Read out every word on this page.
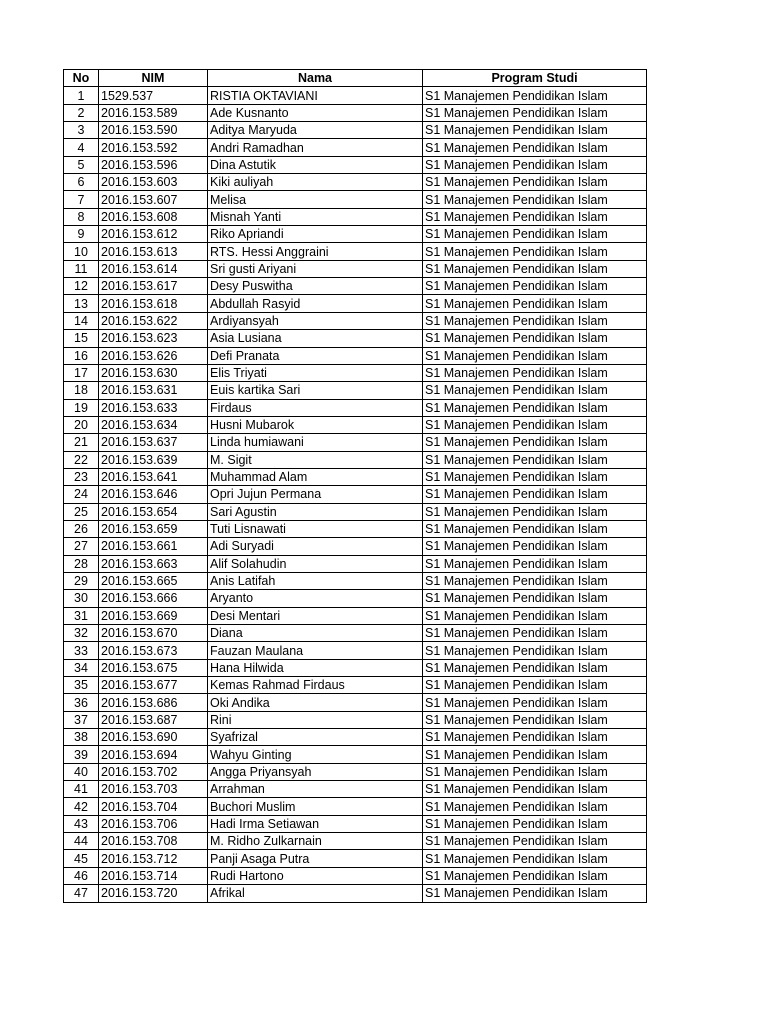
No	NIM	Nama	Program Studi
1	1529.537	RISTIA OKTAVIANI	S1 Manajemen Pendidikan Islam
2	2016.153.589	Ade Kusnanto	S1 Manajemen Pendidikan Islam
3	2016.153.590	Aditya Maryuda	S1 Manajemen Pendidikan Islam
4	2016.153.592	Andri Ramadhan	S1 Manajemen Pendidikan Islam
5	2016.153.596	Dina Astutik	S1 Manajemen Pendidikan Islam
6	2016.153.603	Kiki auliyah	S1 Manajemen Pendidikan Islam
7	2016.153.607	Melisa	S1 Manajemen Pendidikan Islam
8	2016.153.608	Misnah Yanti	S1 Manajemen Pendidikan Islam
9	2016.153.612	Riko Apriandi	S1 Manajemen Pendidikan Islam
10	2016.153.613	RTS. Hessi Anggraini	S1 Manajemen Pendidikan Islam
11	2016.153.614	Sri gusti Ariyani	S1 Manajemen Pendidikan Islam
12	2016.153.617	Desy Puswitha	S1 Manajemen Pendidikan Islam
13	2016.153.618	Abdullah Rasyid	S1 Manajemen Pendidikan Islam
14	2016.153.622	Ardiyansyah	S1 Manajemen Pendidikan Islam
15	2016.153.623	Asia Lusiana	S1 Manajemen Pendidikan Islam
16	2016.153.626	Defi Pranata	S1 Manajemen Pendidikan Islam
17	2016.153.630	Elis Triyati	S1 Manajemen Pendidikan Islam
18	2016.153.631	Euis kartika Sari	S1 Manajemen Pendidikan Islam
19	2016.153.633	Firdaus	S1 Manajemen Pendidikan Islam
20	2016.153.634	Husni Mubarok	S1 Manajemen Pendidikan Islam
21	2016.153.637	Linda humiawani	S1 Manajemen Pendidikan Islam
22	2016.153.639	M. Sigit	S1 Manajemen Pendidikan Islam
23	2016.153.641	Muhammad Alam	S1 Manajemen Pendidikan Islam
24	2016.153.646	Opri Jujun Permana	S1 Manajemen Pendidikan Islam
25	2016.153.654	Sari Agustin	S1 Manajemen Pendidikan Islam
26	2016.153.659	Tuti Lisnawati	S1 Manajemen Pendidikan Islam
27	2016.153.661	Adi Suryadi	S1 Manajemen Pendidikan Islam
28	2016.153.663	Alif Solahudin	S1 Manajemen Pendidikan Islam
29	2016.153.665	Anis Latifah	S1 Manajemen Pendidikan Islam
30	2016.153.666	Aryanto	S1 Manajemen Pendidikan Islam
31	2016.153.669	Desi Mentari	S1 Manajemen Pendidikan Islam
32	2016.153.670	Diana	S1 Manajemen Pendidikan Islam
33	2016.153.673	Fauzan Maulana	S1 Manajemen Pendidikan Islam
34	2016.153.675	Hana Hilwida	S1 Manajemen Pendidikan Islam
35	2016.153.677	Kemas Rahmad Firdaus	S1 Manajemen Pendidikan Islam
36	2016.153.686	Oki Andika	S1 Manajemen Pendidikan Islam
37	2016.153.687	Rini	S1 Manajemen Pendidikan Islam
38	2016.153.690	Syafrizal	S1 Manajemen Pendidikan Islam
39	2016.153.694	Wahyu Ginting	S1 Manajemen Pendidikan Islam
40	2016.153.702	Angga Priyansyah	S1 Manajemen Pendidikan Islam
41	2016.153.703	Arrahman	S1 Manajemen Pendidikan Islam
42	2016.153.704	Buchori Muslim	S1 Manajemen Pendidikan Islam
43	2016.153.706	Hadi Irma Setiawan	S1 Manajemen Pendidikan Islam
44	2016.153.708	M. Ridho Zulkarnain	S1 Manajemen Pendidikan Islam
45	2016.153.712	Panji Asaga Putra	S1 Manajemen Pendidikan Islam
46	2016.153.714	Rudi Hartono	S1 Manajemen Pendidikan Islam
47	2016.153.720	Afrikal	S1 Manajemen Pendidikan Islam
